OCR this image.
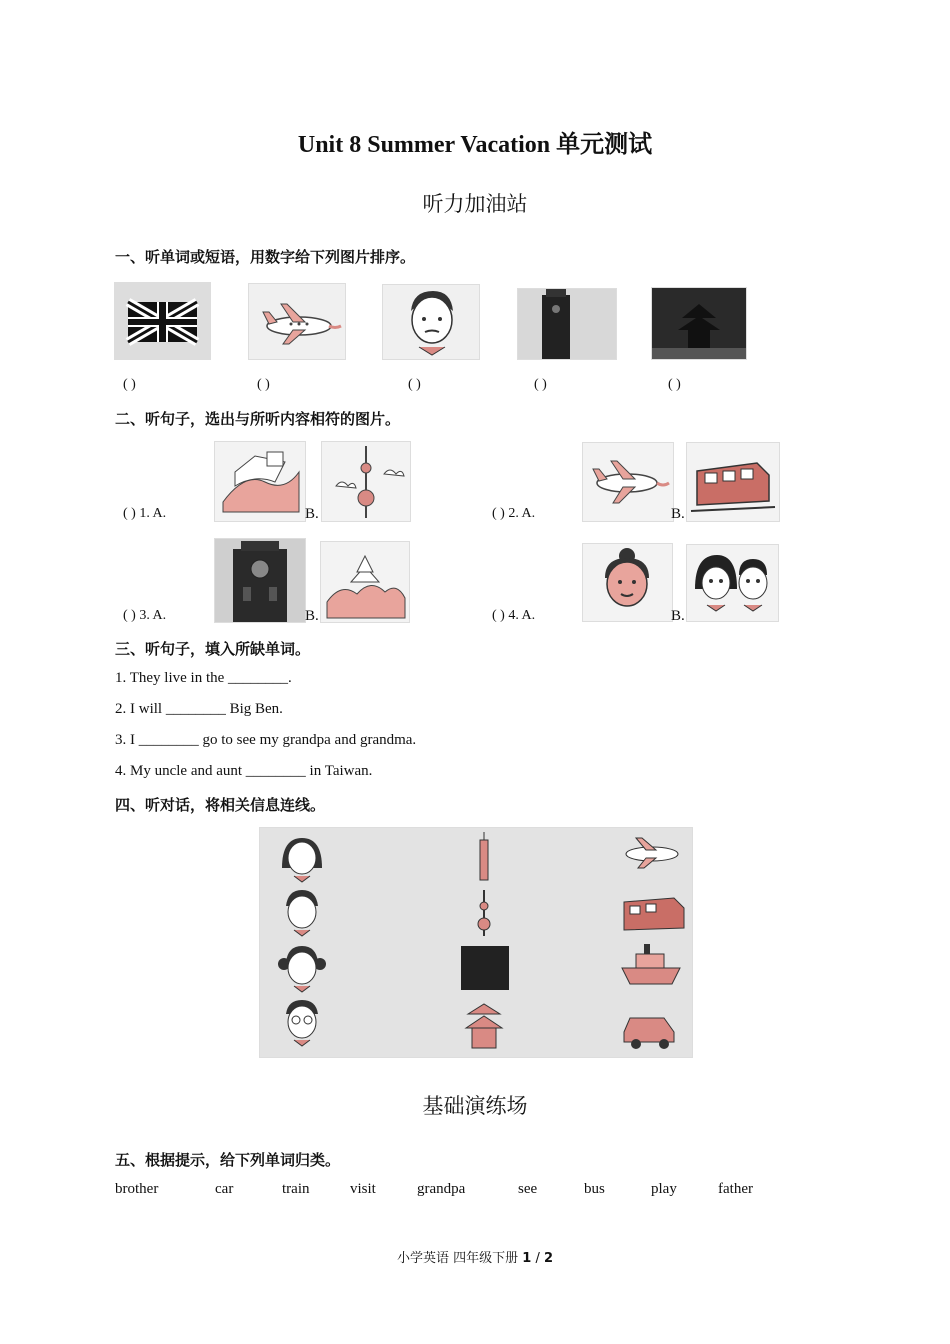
Unit 8 Summer Vacation 单元测试
听力加油站
一、听单词或短语，用数字给下列图片排序。
( )	( )	( )	( )	( )
二、听句子，选出与所听内容相符的图片。
( ) 1. A.	B.	( ) 2. A.	B.
( ) 3. A.	B.	( ) 4. A.	B.
三、听句子，填入所缺单词。
1. They live in the ________.
2. I will ________ Big Ben.
3. I ________ go to see my grandpa and grandma.
4. My uncle and aunt ________ in Taiwan.
四、听对话，将相关信息连线。
基础演练场
五、根据提示，给下列单词归类。
brother	car	train	visit	grandpa	see	bus	play	father
小学英语 四年级下册 1 / 2
